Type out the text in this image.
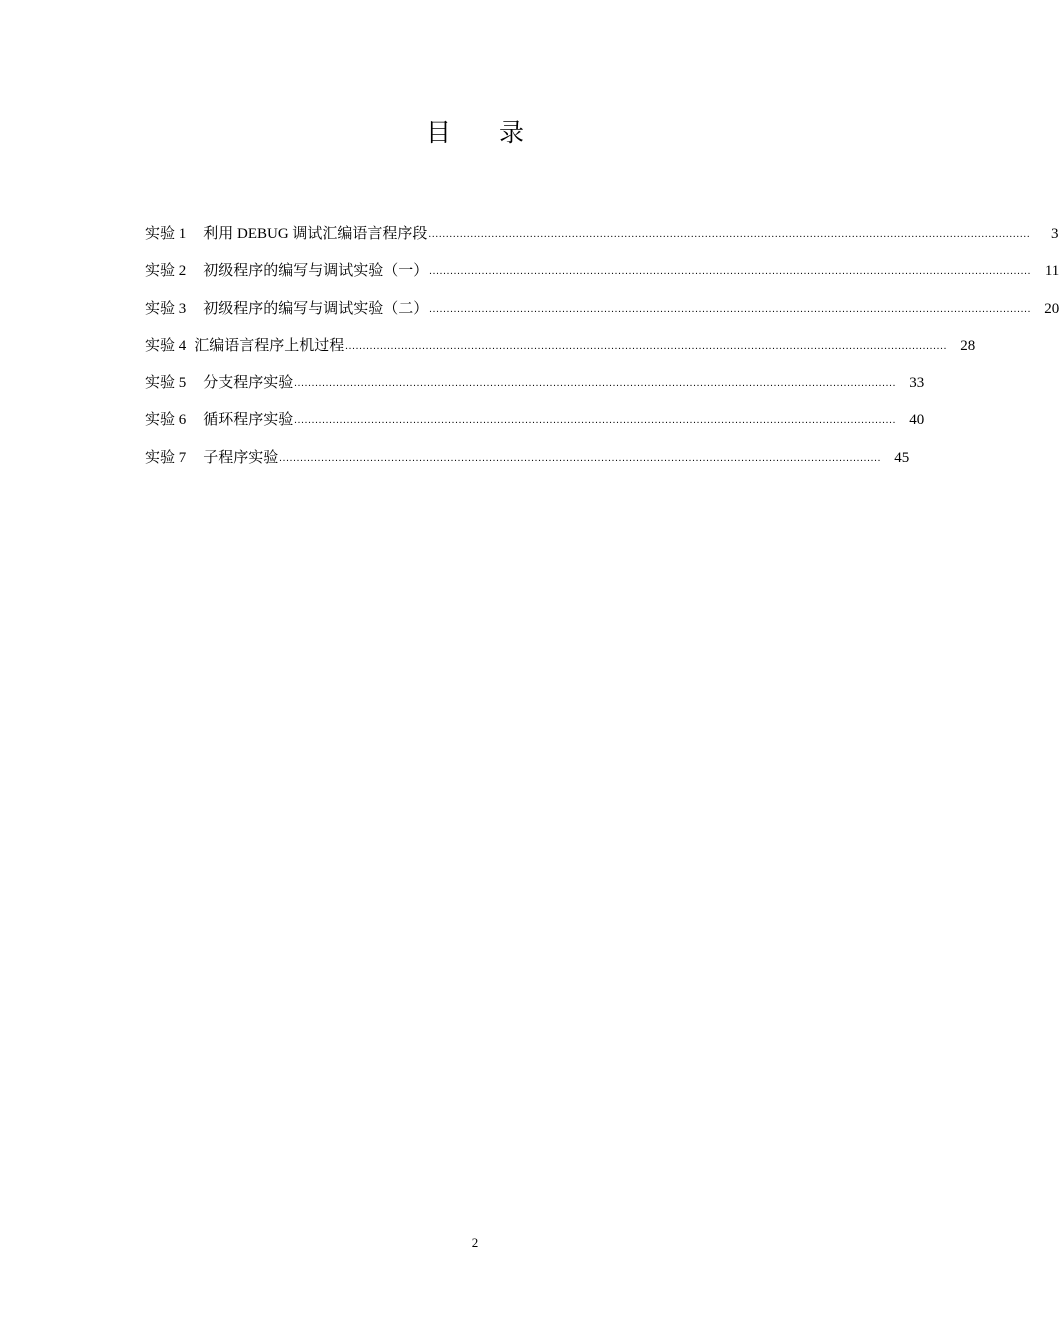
目 录
实验 1 利用 DEBUG 调试汇编语言程序段 ............................................................................................................................................................................	3
实验 2 初级程序的编写与调试实验（一） ............................................................................................................................................................................ 11
实验 3 初级程序的编写与调试实验（二） ............................................................................................................................................................................ 20
实验 4 汇编语言程序上机过程 ............................................................................................................................................................................ 28
实验 5 分支程序实验 ............................................................................................................................................................................ 33
实验 6 循环程序实验 ............................................................................................................................................................................ 40
实验 7 子程序实验 ............................................................................................................................................................................ 45
2
